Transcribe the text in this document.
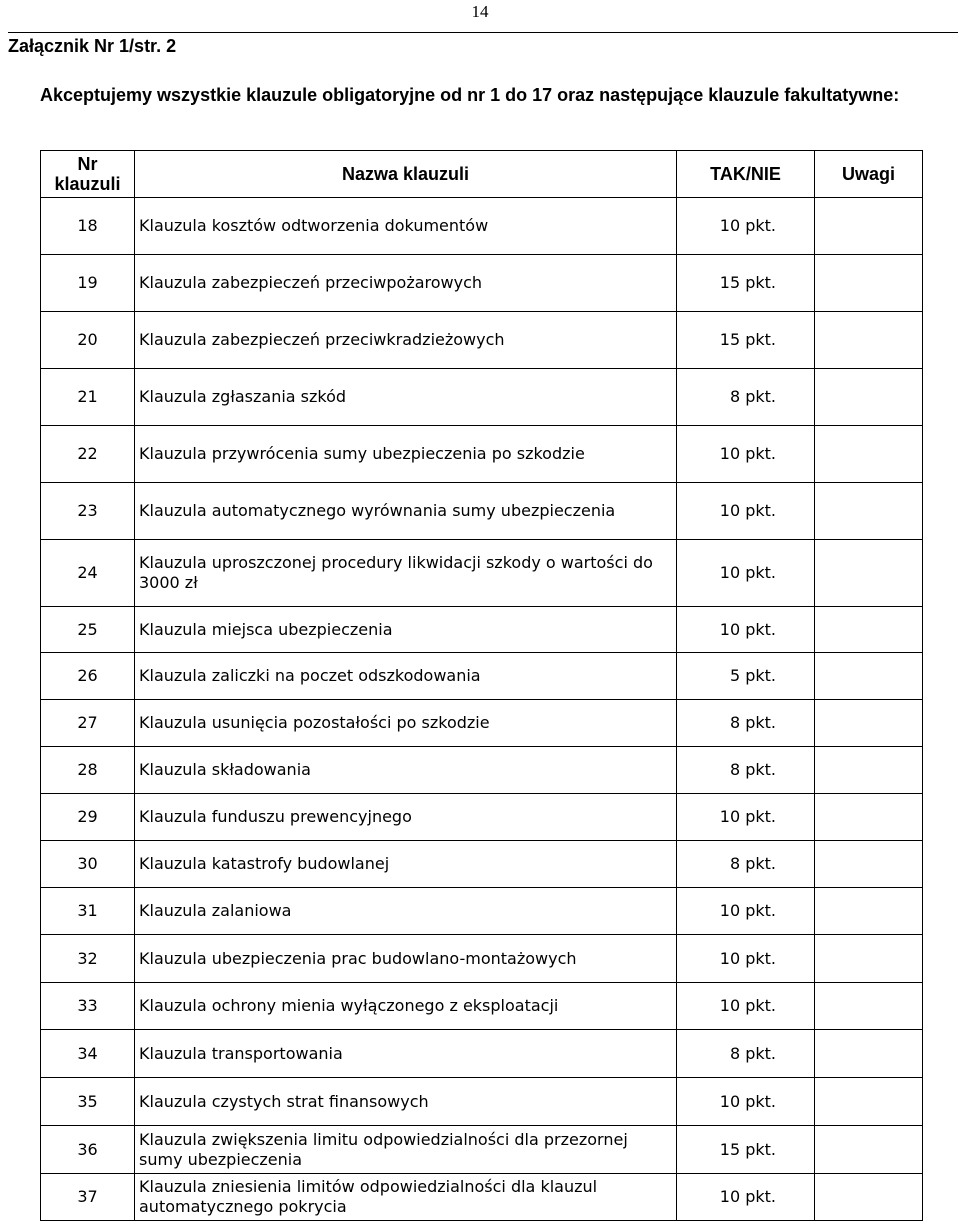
14
Załącznik Nr 1/str. 2
Akceptujemy wszystkie klauzule obligatoryjne od nr 1 do 17 oraz następujące klauzule fakultatywne:
Nr klauzuli	Nazwa klauzuli	TAK/NIE	Uwagi
18	Klauzula kosztów odtworzenia dokumentów	10 pkt.	
19	Klauzula zabezpieczeń przeciwpożarowych	15 pkt.	
20	Klauzula zabezpieczeń przeciwkradzieżowych	15 pkt.	
21	Klauzula zgłaszania szkód	8 pkt.	
22	Klauzula przywrócenia sumy ubezpieczenia po szkodzie	10 pkt.	
23	Klauzula automatycznego wyrównania sumy ubezpieczenia	10 pkt.	
24	Klauzula uproszczonej procedury likwidacji szkody o wartości do 3000 zł	10 pkt.	
25	Klauzula miejsca ubezpieczenia	10 pkt.	
26	Klauzula zaliczki na poczet odszkodowania	5 pkt.	
27	Klauzula usunięcia pozostałości po szkodzie	8 pkt.	
28	Klauzula składowania	8 pkt.	
29	Klauzula funduszu prewencyjnego	10 pkt.	
30	Klauzula katastrofy budowlanej	8 pkt.	
31	Klauzula zalaniowa	10 pkt.	
32	Klauzula ubezpieczenia prac budowlano-montażowych	10 pkt.	
33	Klauzula ochrony mienia wyłączonego z eksploatacji	10 pkt.	
34	Klauzula transportowania	8 pkt.	
35	Klauzula czystych strat finansowych	10 pkt.	
36	Klauzula zwiększenia limitu odpowiedzialności dla przezornej sumy ubezpieczenia	15 pkt.	
37	Klauzula zniesienia limitów odpowiedzialności dla klauzul automatycznego pokrycia	10 pkt.	
